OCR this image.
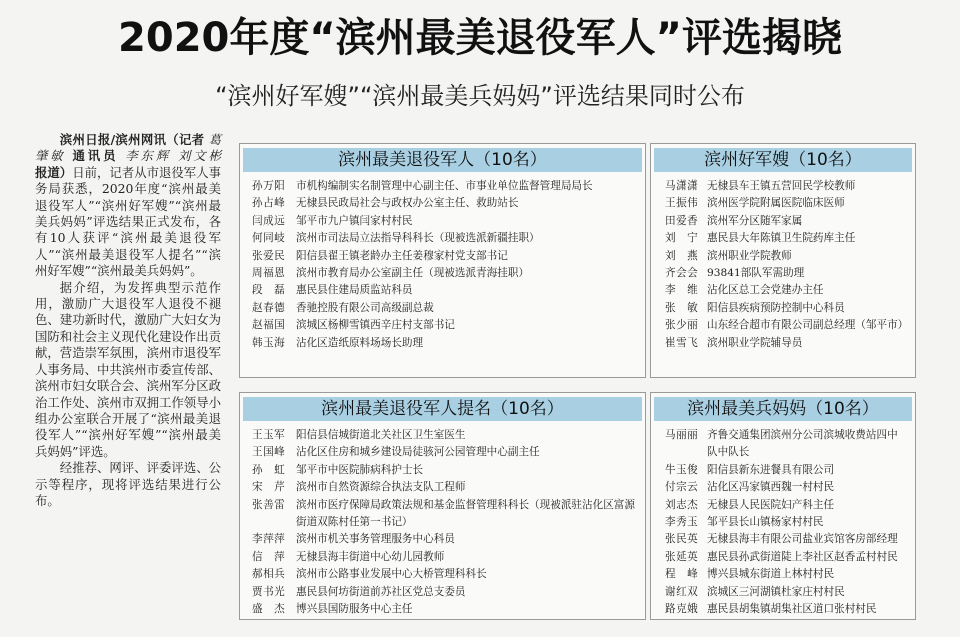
2020年度“滨州最美退役军人”评选揭晓
“滨州好军嫂”“滨州最美兵妈妈”评选结果同时公布

滨州日报/滨州网讯（记者 葛肇敏 通讯员 李东辉 刘文彬 报道）日前，记者从市退役军人事务局获悉，2020年度“滨州最美退役军人”“滨州好军嫂”“滨州最美兵妈妈”评选结果正式发布，各有10人获评“滨州最美退役军人”“滨州最美退役军人提名”“滨州好军嫂”“滨州最美兵妈妈”。

据介绍，为发挥典型示范作用，激励广大退役军人退役不褪色、建功新时代，激励广大妇女为国防和社会主义现代化建设作出贡献，营造崇军氛围，滨州市退役军人事务局、中共滨州市委宣传部、滨州市妇女联合会、滨州军分区政治工作处、滨州市双拥工作领导小组办公室联合开展了“滨州最美退役军人”“滨州好军嫂”“滨州最美兵妈妈”评选。

经推荐、网评、评委评选、公示等程序，现将评选结果进行公布。

滨州最美退役军人（10名）
孙万阳	市机构编制实名制管理中心副主任、市事业单位监督管理局局长
孙占峰	无棣县民政局社会与政权办公室主任、救助站长
闫成远	邹平市九户镇闫家村村民
何同岐	滨州市司法局立法指导科科长（现被选派新疆挂职）
张爱民	阳信县翟王镇老龄办主任姜穆家村党支部书记
周福恩	滨州市教育局办公室副主任（现被选派青海挂职）
段　磊	惠民县住建局质监站科员
赵春德	香驰控股有限公司高级副总裁
赵福国	滨城区杨柳雪镇西辛庄村支部书记
韩玉海	沾化区造纸原料场场长助理
滨州好军嫂（10名）
马潇潇 无棣县车王镇五营回民学校教师
王振伟 滨州医学院附属医院临床医师
田爱香 滨州军分区随军家属
刘　宁 惠民县大年陈镇卫生院药库主任
刘　燕 滨州职业学院教师
齐会会 93841部队军需助理
李　维 沾化区总工会党建办主任
张　敏 阳信县疾病预防控制中心科员
张少丽 山东经合超市有限公司副总经理（邹平市）
崔雪飞 滨州职业学院辅导员
滨州最美退役军人提名（10名）
王玉军	阳信县信城街道北关社区卫生室医生
王国峰	沾化区住房和城乡建设局徒骇河公园管理中心副主任
孙　虹	邹平市中医院肺病科护士长
宋　芹	滨州市自然资源综合执法支队工程师
张善雷	滨州市医疗保障局政策法规和基金监督管理科科长（现被派驻沾化区富源街道双陈村任第一书记）
李萍萍	滨州市机关事务管理服务中心科员
信　萍	无棣县海丰街道中心幼儿园教师
郝相兵	滨州市公路事业发展中心大桥管理科科长
贾书光	惠民县何坊街道前苏社区党总支委员
盛　杰	博兴县国防服务中心主任
滨州最美兵妈妈（10名）
马丽丽 齐鲁交通集团滨州分公司滨城收费站四中队中队长
牛玉俊 阳信县新东进餐具有限公司
付宗云 沾化区冯家镇西魏一村村民
刘志杰 无棣县人民医院妇产科主任
李秀玉 邹平县长山镇杨家村村民
张民英 无棣县海丰有限公司盐业宾馆客房部经理
张延英 惠民县孙武街道陡上李社区赵香孟村村民
程　峰 博兴县城东街道上林村村民
谢红双 滨城区三河湖镇杜家庄村村民
路克娥 惠民县胡集镇胡集社区道口张村村民
